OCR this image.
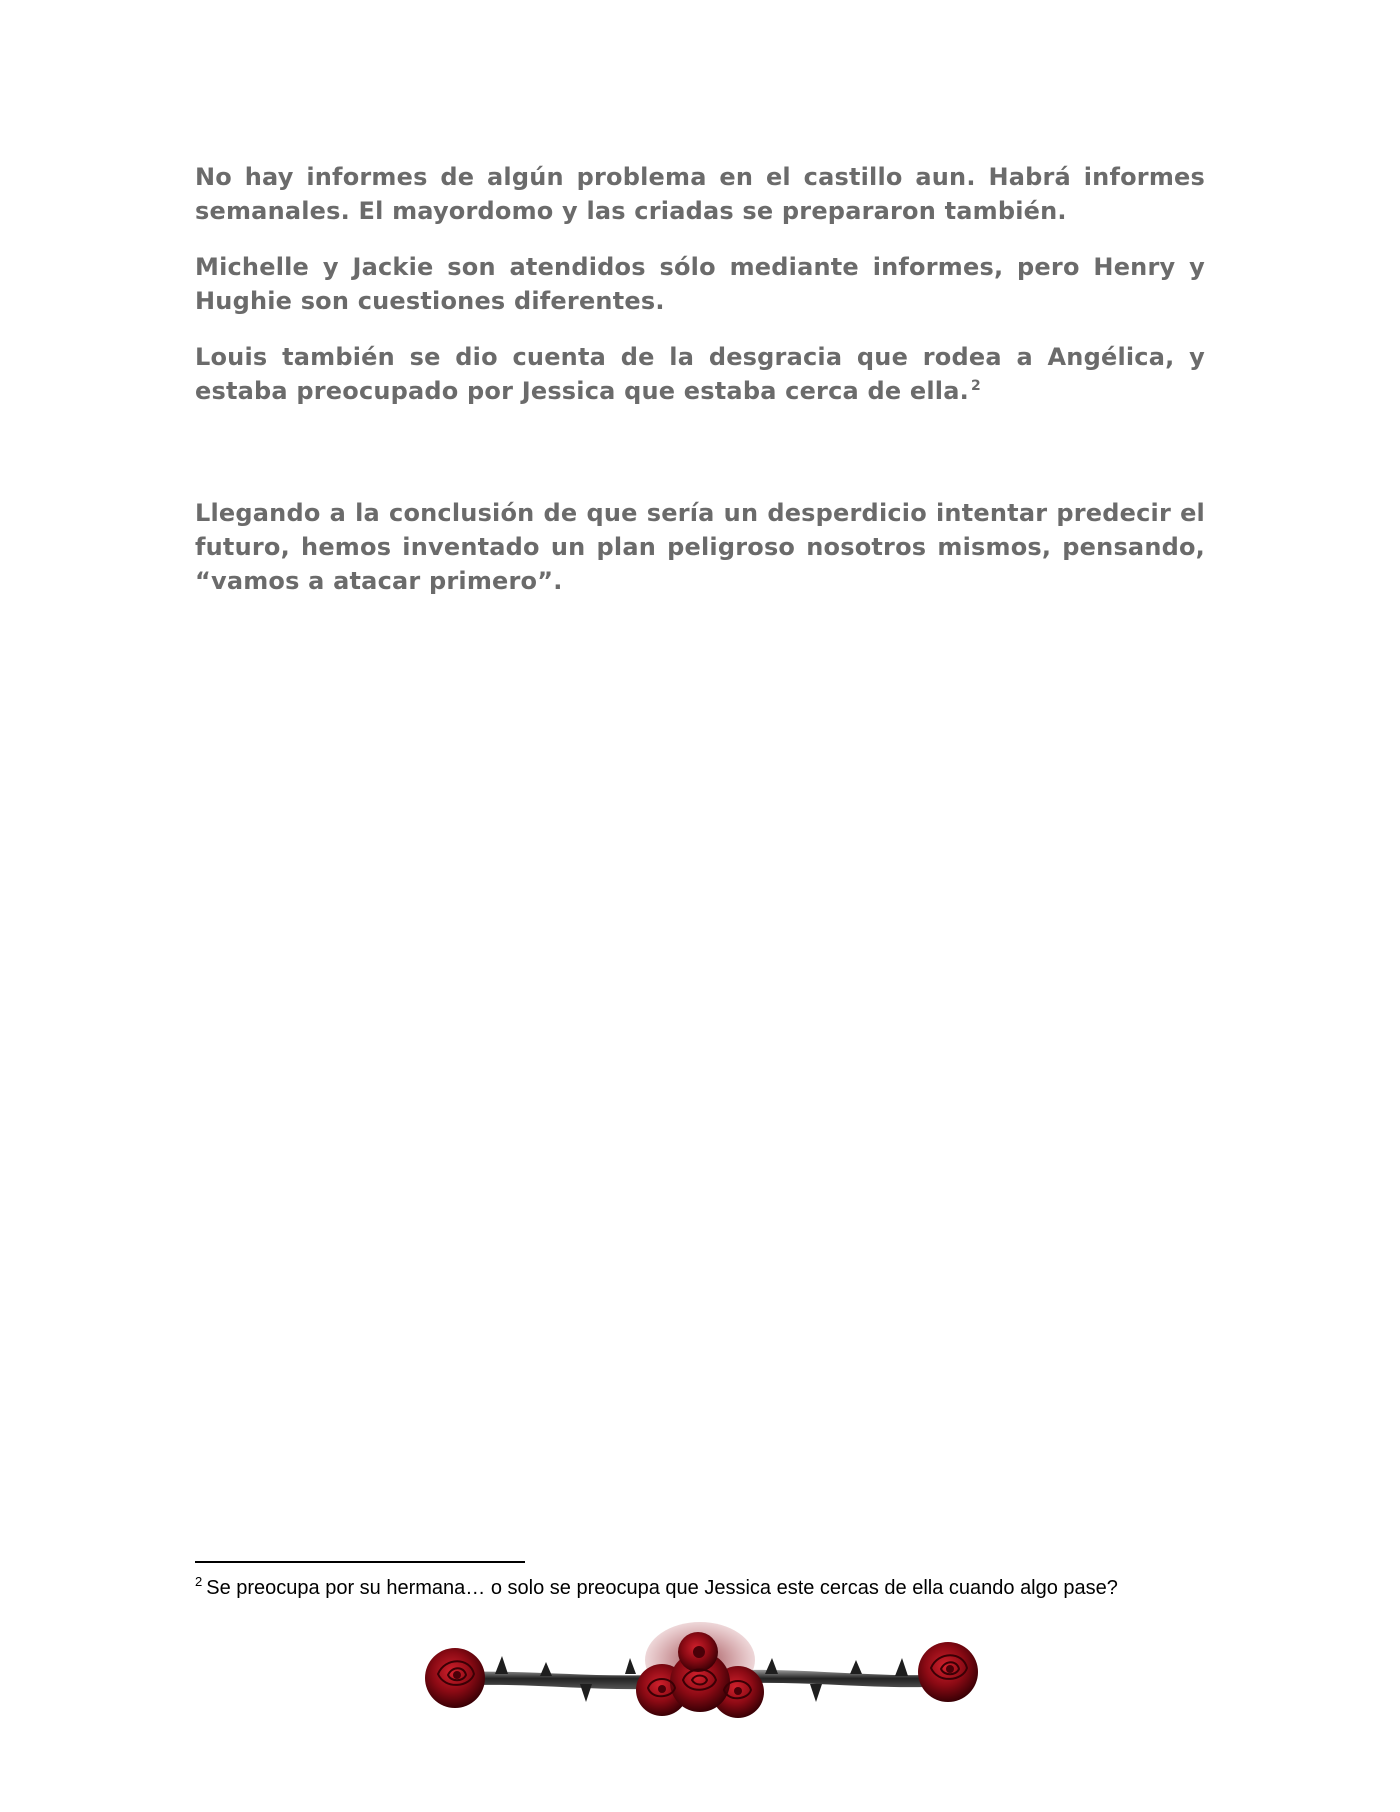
No hay informes de algún problema en el castillo aun. Habrá informes semanales. El mayordomo y las criadas se prepararon también.

Michelle y Jackie son atendidos sólo mediante informes, pero Henry y Hughie son cuestiones diferentes.

Louis también se dio cuenta de la desgracia que rodea a Angélica, y estaba preocupado por Jessica que estaba cerca de ella. $^2$

Llegando a la conclusión de que sería un desperdicio intentar predecir el futuro, hemos inventado un plan peligroso nosotros mismos, pensando, “vamos a atacar primero”.

$^2$ Se preocupa por su hermana… o solo se preocupa que Jessica este cercas de ella cuando algo pase?
